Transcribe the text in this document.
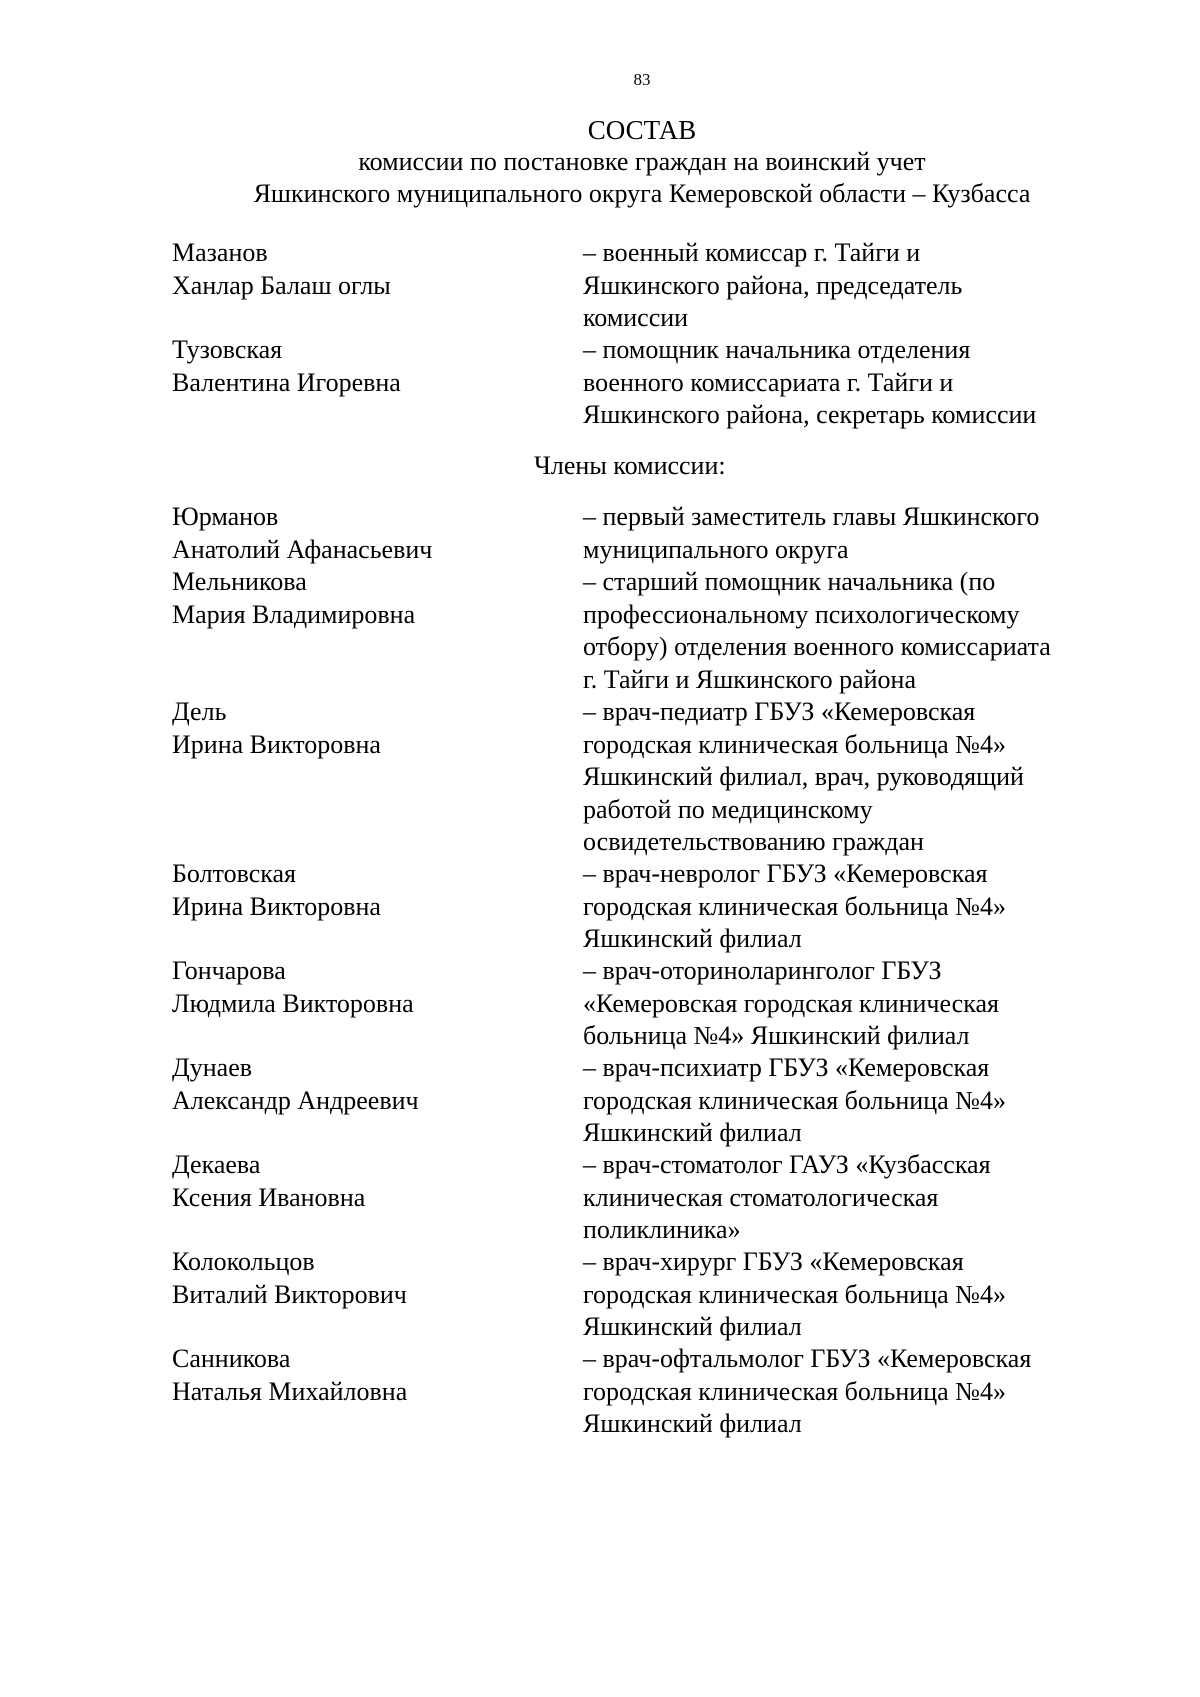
83
СОСТАВ
комиссии по постановке граждан на воинский учет
Яшкинского муниципального округа Кемеровской области – Кузбасса
Мазанов
Ханлар Балаш оглы
– военный комиссар г. Тайги и
Яшкинского района, председатель
комиссии
Тузовская
Валентина Игоревна
– помощник начальника отделения
военного комиссариата г. Тайги и
Яшкинского района, секретарь комиссии
Члены комиссии:
Юрманов
Анатолий Афанасьевич
– первый заместитель главы Яшкинского
муниципального округа
Мельникова
Мария Владимировна
– старший помощник начальника (по
профессиональному психологическому
отбору) отделения военного комиссариата
г. Тайги и Яшкинского района
Дель
Ирина Викторовна
– врач-педиатр ГБУЗ «Кемеровская
городская клиническая больница №4»
Яшкинский филиал, врач, руководящий
работой по медицинскому
освидетельствованию граждан
Болтовская
Ирина Викторовна
– врач-невролог ГБУЗ «Кемеровская
городская клиническая больница №4»
Яшкинский филиал
Гончарова
Людмила Викторовна
– врач-оториноларинголог ГБУЗ
«Кемеровская городская клиническая
больница №4» Яшкинский филиал
Дунаев
Александр Андреевич
– врач-психиатр ГБУЗ «Кемеровская
городская клиническая больница №4»
Яшкинский филиал
Декаева
Ксения Ивановна
– врач-стоматолог ГАУЗ «Кузбасская
клиническая стоматологическая
поликлиника»
Колокольцов
Виталий Викторович
– врач-хирург ГБУЗ «Кемеровская
городская клиническая больница №4»
Яшкинский филиал
Санникова
Наталья Михайловна
– врач-офтальмолог ГБУЗ «Кемеровская
городская клиническая больница №4»
Яшкинский филиал
